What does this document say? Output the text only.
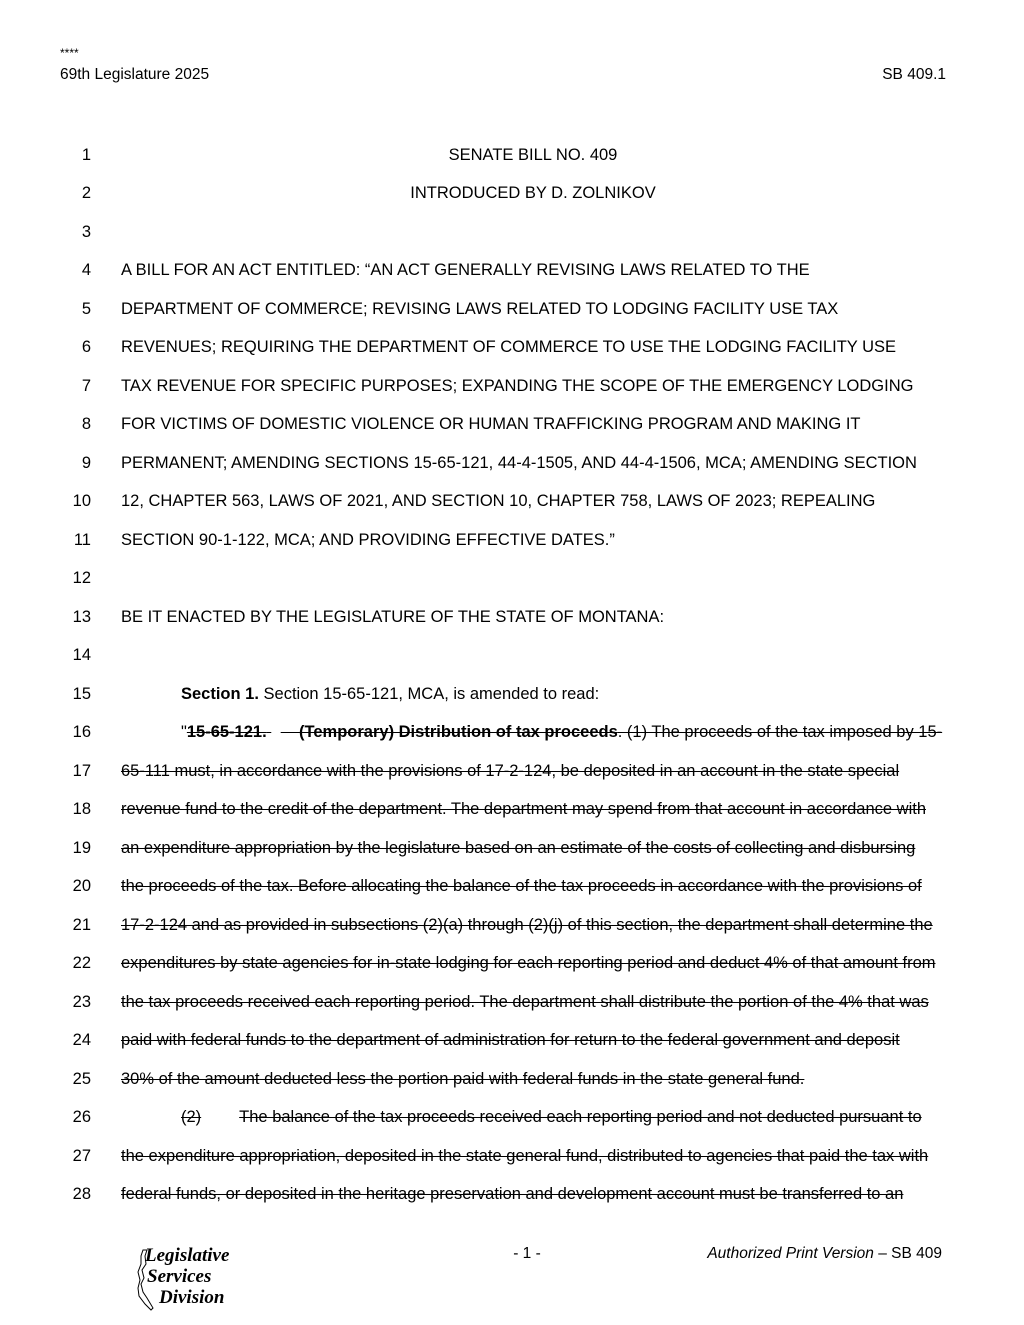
****
69th Legislature 2025	SB 409.1
1	SENATE BILL NO. 409
2	INTRODUCED BY D. ZOLNIKOV
3
4 A BILL FOR AN ACT ENTITLED: “AN ACT GENERALLY REVISING LAWS RELATED TO THE
5 DEPARTMENT OF COMMERCE; REVISING LAWS RELATED TO LODGING FACILITY USE TAX
6 REVENUES; REQUIRING THE DEPARTMENT OF COMMERCE TO USE THE LODGING FACILITY USE
7 TAX REVENUE FOR SPECIFIC PURPOSES; EXPANDING THE SCOPE OF THE EMERGENCY LODGING
8 FOR VICTIMS OF DOMESTIC VIOLENCE OR HUMAN TRAFFICKING PROGRAM AND MAKING IT
9 PERMANENT; AMENDING SECTIONS 15-65-121, 44-4-1505, AND 44-4-1506, MCA; AMENDING SECTION
10 12, CHAPTER 563, LAWS OF 2021, AND SECTION 10, CHAPTER 758, LAWS OF 2023; REPEALING
11 SECTION 90-1-122, MCA; AND PROVIDING EFFECTIVE DATES.”
12
13 BE IT ENACTED BY THE LEGISLATURE OF THE STATE OF MONTANA:
14
15	Section 1. Section 15-65-121, MCA, is amended to read:
16	"15-65-121. (Temporary) Distribution of tax proceeds. (1) The proceeds of the tax imposed by 15-
17 65-111 must, in accordance with the provisions of 17-2-124, be deposited in an account in the state special
18 revenue fund to the credit of the department. The department may spend from that account in accordance with
19 an expenditure appropriation by the legislature based on an estimate of the costs of collecting and disbursing
20 the proceeds of the tax. Before allocating the balance of the tax proceeds in accordance with the provisions of
21 17-2-124 and as provided in subsections (2)(a) through (2)(j) of this section, the department shall determine the
22 expenditures by state agencies for in-state lodging for each reporting period and deduct 4% of that amount from
23 the tax proceeds received each reporting period. The department shall distribute the portion of the 4% that was
24 paid with federal funds to the department of administration for return to the federal government and deposit
25 30% of the amount deducted less the portion paid with federal funds in the state general fund.
26	(2) The balance of the tax proceeds received each reporting period and not deducted pursuant to
27 the expenditure appropriation, deposited in the state general fund, distributed to agencies that paid the tax with
28 federal funds, or deposited in the heritage preservation and development account must be transferred to an
Legislative
Services
Division
- 1 -	Authorized Print Version – SB 409
